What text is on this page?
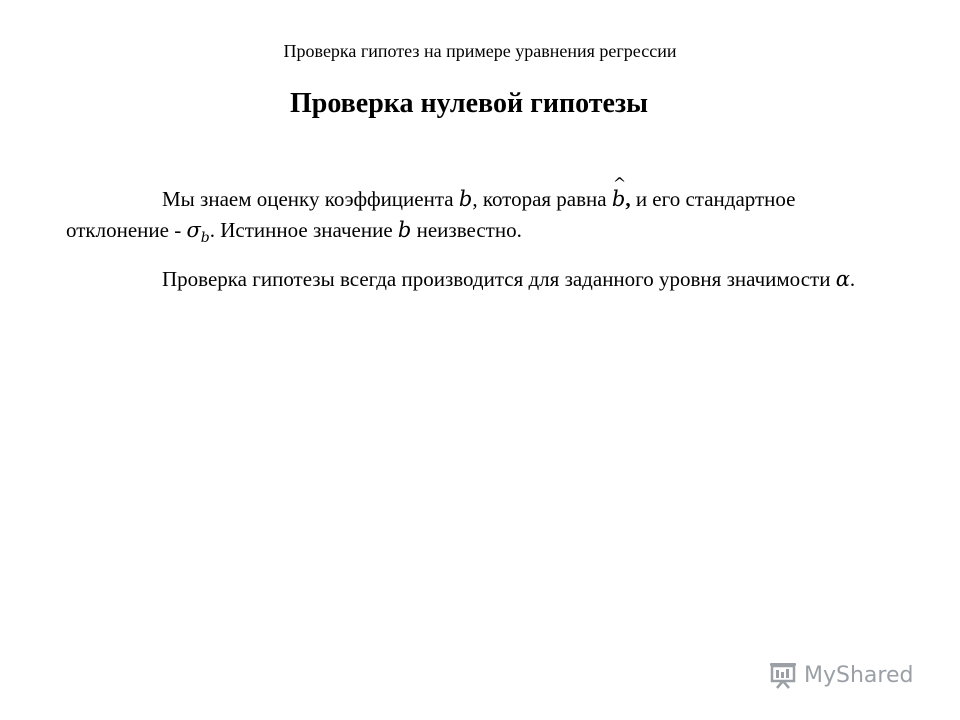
Проверка гипотез на примере уравнения регрессии
Проверка нулевой гипотезы
Мы знаем оценку коэффициента b, которая равна
^
b, и его стандартное отклонение - $\sigma_b$. Истинное значение b неизвестно.
Проверка гипотезы всегда производится для заданного уровня значимости α.
MyShared
